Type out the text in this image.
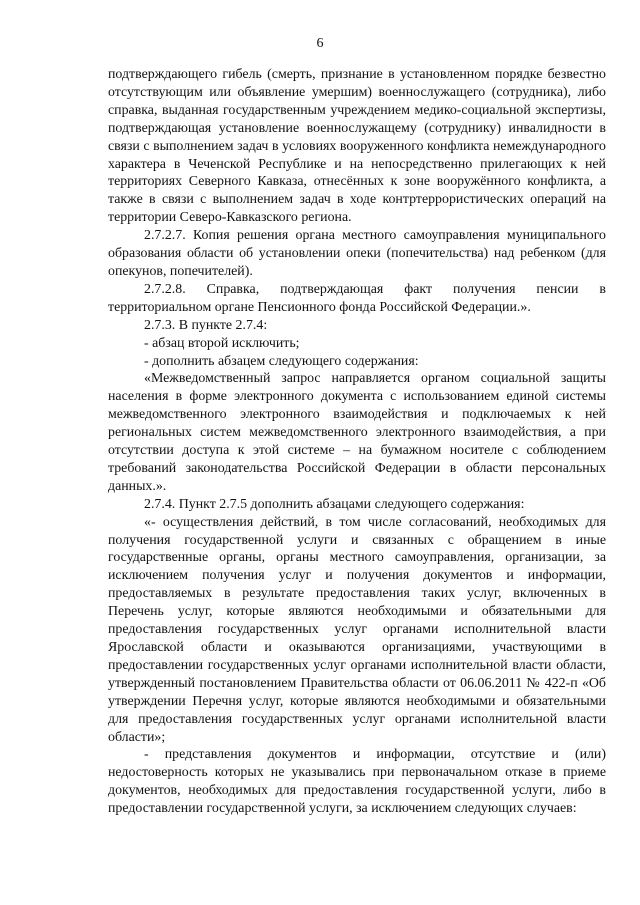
6

подтверждающего гибель (смерть, признание в установленном порядке безвестно отсутствующим или объявление умершим) военнослужащего (сотрудника), либо справка, выданная государственным учреждением медико-социальной экспертизы, подтверждающая установление военнослужащему (сотруднику) инвалидности в связи с выполнением задач в условиях вооруженного конфликта немеждународного характера в Чеченской Республике и на непосредственно прилегающих к ней территориях Северного Кавказа, отнесённых к зоне вооружённого конфликта, а также в связи с выполнением задач в ходе контртеррористических операций на территории Северо-Кавказского региона.

2.7.2.7. Копия решения органа местного самоуправления муниципального образования области об установлении опеки (попечительства) над ребенком (для опекунов, попечителей).

2.7.2.8. Справка, подтверждающая факт получения пенсии в территориальном органе Пенсионного фонда Российской Федерации.».

2.7.3. В пункте 2.7.4:

- абзац второй исключить;

- дополнить абзацем следующего содержания:

«Межведомственный запрос направляется органом социальной защиты населения в форме электронного документа с использованием единой системы межведомственного электронного взаимодействия и подключаемых к ней региональных систем межведомственного электронного взаимодействия, а при отсутствии доступа к этой системе – на бумажном носителе с соблюдением требований законодательства Российской Федерации в области персональных данных.».

2.7.4. Пункт 2.7.5 дополнить абзацами следующего содержания:

«- осуществления действий, в том числе согласований, необходимых для получения государственной услуги и связанных с обращением в иные государственные органы, органы местного самоуправления, организации, за исключением получения услуг и получения документов и информации, предоставляемых в результате предоставления таких услуг, включенных в Перечень услуг, которые являются необходимыми и обязательными для предоставления государственных услуг органами исполнительной власти Ярославской области и оказываются организациями, участвующими в предоставлении государственных услуг органами исполнительной власти области, утвержденный постановлением Правительства области от 06.06.2011 № 422-п «Об утверждении Перечня услуг, которые являются необходимыми и обязательными для предоставления государственных услуг органами исполнительной власти области»;

- представления документов и информации, отсутствие и (или) недостоверность которых не указывались при первоначальном отказе в приеме документов, необходимых для предоставления государственной услуги, либо в предоставлении государственной услуги, за исключением следующих случаев:
